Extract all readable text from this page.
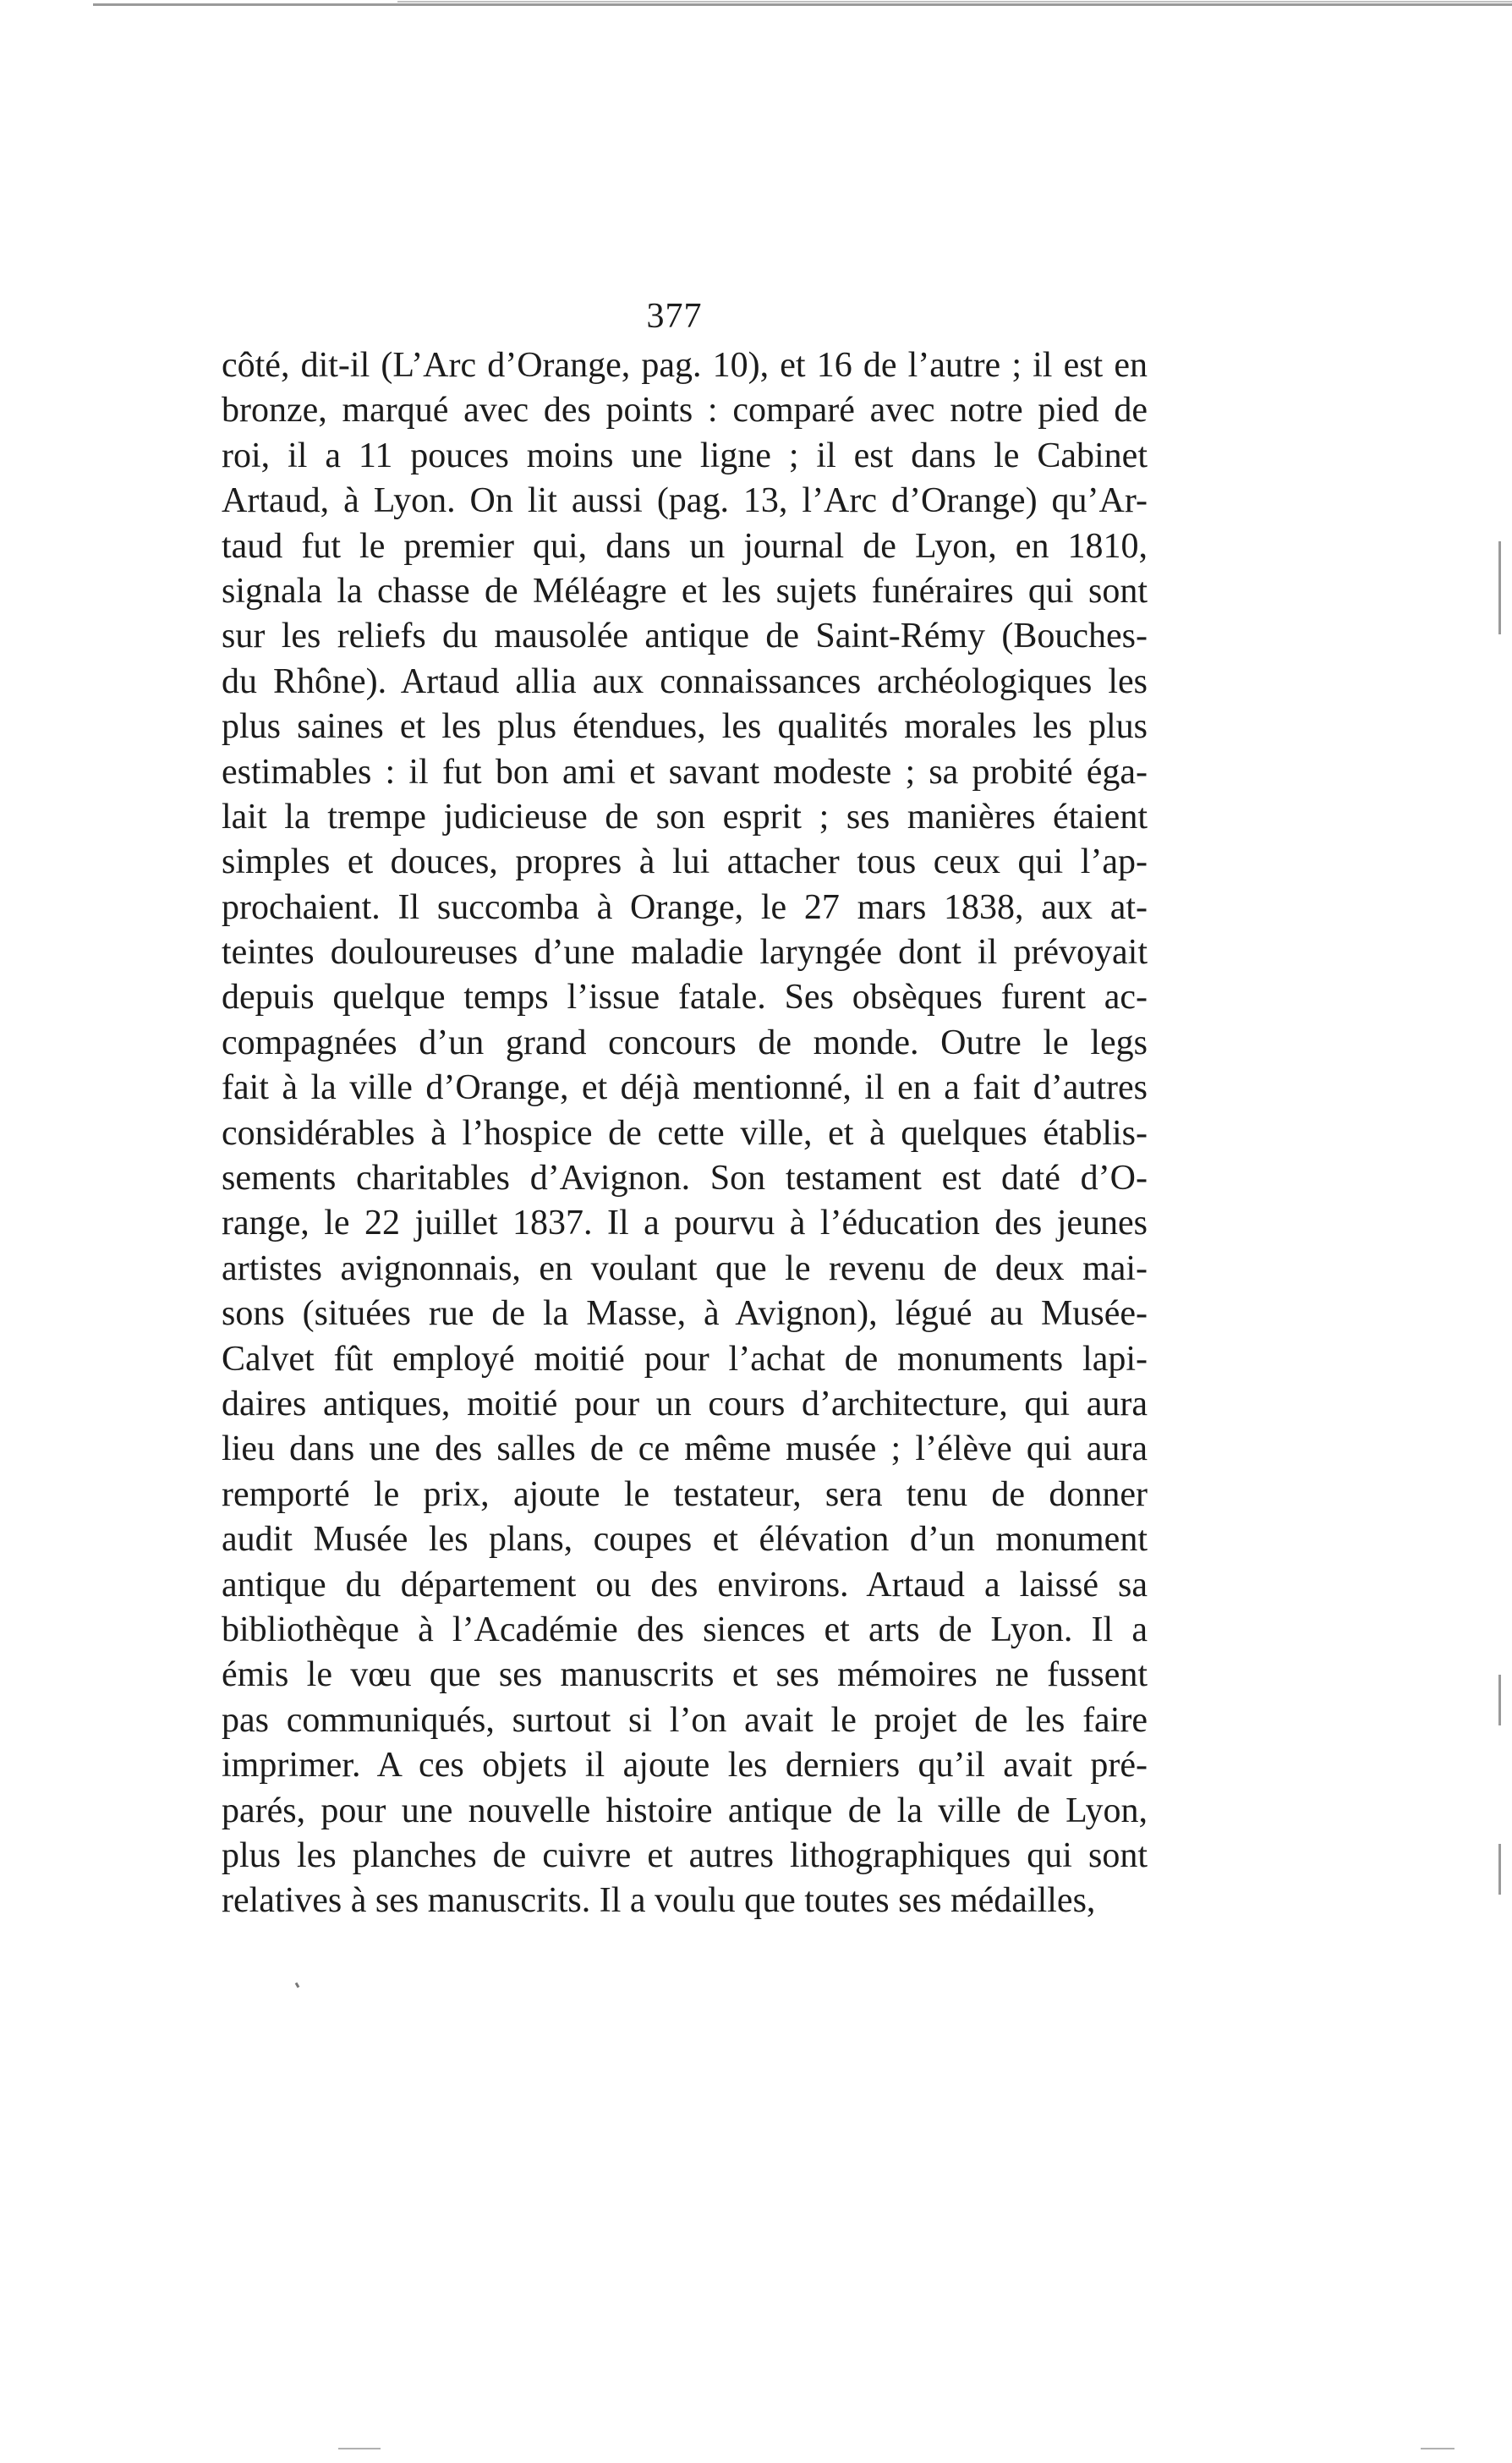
377
côté, dit-il (L’Arc d’Orange, pag. 10), et 16 de l’autre ; il est en
bronze, marqué avec des points : comparé avec notre pied de
roi, il a 11 pouces moins une ligne ; il est dans le Cabinet
Artaud, à Lyon. On lit aussi (pag. 13, l’Arc d’Orange) qu’Ar-
taud fut le premier qui, dans un journal de Lyon, en 1810,
signala la chasse de Méléagre et les sujets funéraires qui sont
sur les reliefs du mausolée antique de Saint-Rémy (Bouches-
du Rhône). Artaud allia aux connaissances archéologiques les
plus saines et les plus étendues, les qualités morales les plus
estimables : il fut bon ami et savant modeste ; sa probité éga-
lait la trempe judicieuse de son esprit ; ses manières étaient
simples et douces, propres à lui attacher tous ceux qui l’ap-
prochaient. Il succomba à Orange, le 27 mars 1838, aux at-
teintes douloureuses d’une maladie laryngée dont il prévoyait
depuis quelque temps l’issue fatale. Ses obsèques furent ac-
compagnées d’un grand concours de monde. Outre le legs
fait à la ville d’Orange, et déjà mentionné, il en a fait d’autres
considérables à l’hospice de cette ville, et à quelques établis-
sements charitables d’Avignon. Son testament est daté d’O-
range, le 22 juillet 1837. Il a pourvu à l’éducation des jeunes
artistes avignonnais, en voulant que le revenu de deux mai-
sons (situées rue de la Masse, à Avignon), légué au Musée-
Calvet fût employé moitié pour l’achat de monuments lapi-
daires antiques, moitié pour un cours d’architecture, qui aura
lieu dans une des salles de ce même musée ; l’élève qui aura
remporté le prix, ajoute le testateur, sera tenu de donner
audit Musée les plans, coupes et élévation d’un monument
antique du département ou des environs. Artaud a laissé sa
bibliothèque à l’Académie des siences et arts de Lyon. Il a
émis le vœu que ses manuscrits et ses mémoires ne fussent
pas communiqués, surtout si l’on avait le projet de les faire
imprimer. A ces objets il ajoute les derniers qu’il avait pré-
parés, pour une nouvelle histoire antique de la ville de Lyon,
plus les planches de cuivre et autres lithographiques qui sont
relatives à ses manuscrits. Il a voulu que toutes ses médailles,
